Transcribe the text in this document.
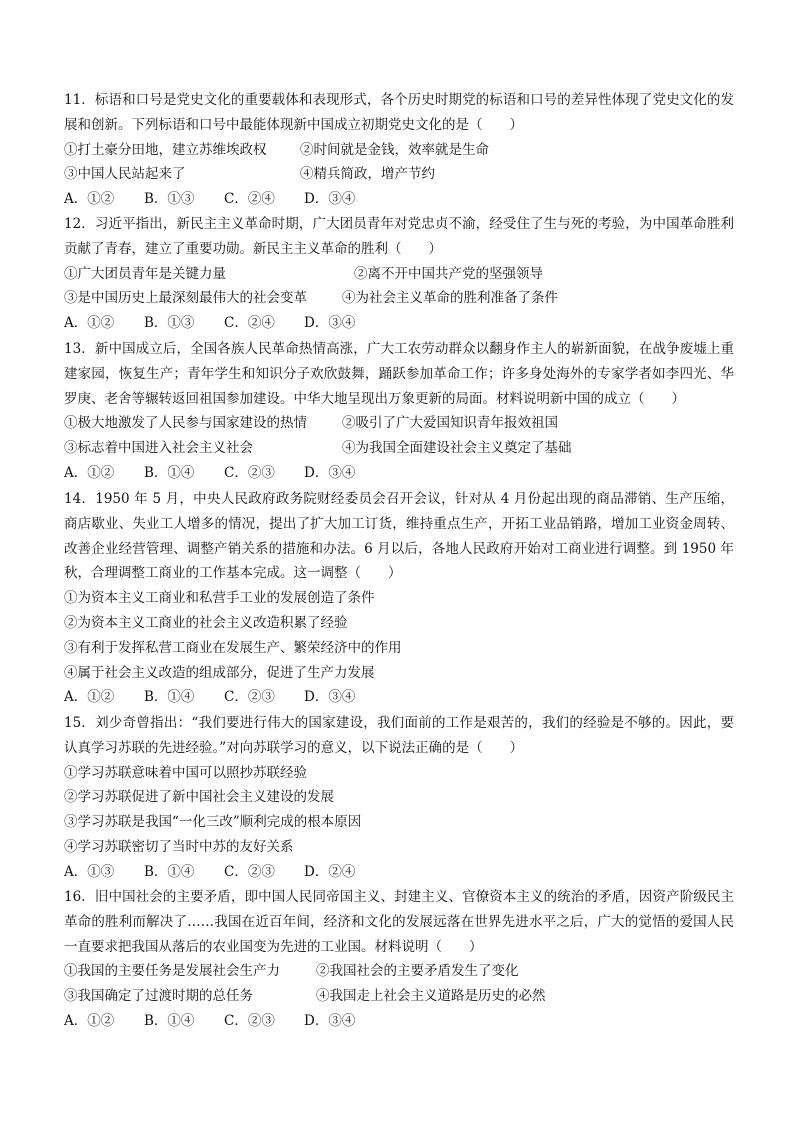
11．标语和口号是党史文化的重要载体和表现形式，各个历史时期党的标语和口号的差异性体现了党史文化的发展和创新。下列标语和口号中最能体现新中国成立初期党史文化的是（　　）
①打土豪分田地，建立苏维埃政权 ②时间就是金钱，效率就是生命
③中国人民站起来了	④精兵简政，增产节约
A．①② B．①③ C．②④ D．③④
12．习近平指出，新民主主义革命时期，广大团员青年对党忠贞不渝，经受住了生与死的考验，为中国革命胜利贡献了青春，建立了重要功勋。新民主主义革命的胜利（　　）
①广大团员青年是关键力量	②离不开中国共产党的坚强领导
③是中国历史上最深刻最伟大的社会变革	④为社会主义革命的胜利准备了条件
A．①② B．①③ C．②④ D．③④
13．新中国成立后，全国各族人民革命热情高涨，广大工农劳动群众以翻身作主人的崭新面貌，在战争废墟上重建家园，恢复生产；青年学生和知识分子欢欣鼓舞，踊跃参加革命工作；许多身处海外的专家学者如李四光、华罗庚、老舍等辗转返回祖国参加建设。中华大地呈现出万象更新的局面。材料说明新中国的成立（　　）
①极大地激发了人民参与国家建设的热情	②吸引了广大爱国知识青年报效祖国
③标志着中国进入社会主义社会	④为我国全面建设社会主义奠定了基础
A．①② B．①④ C．②③ D．③④
14．1950 年 5 月，中央人民政府政务院财经委员会召开会议，针对从 4 月份起出现的商品滞销、生产压缩，商店歇业、失业工人增多的情况，提出了扩大加工订货，维持重点生产，开拓工业品销路，增加工业资金周转、改善企业经营管理、调整产销关系的措施和办法。6 月以后，各地人民政府开始对工商业进行调整。到 1950 年秋，合理调整工商业的工作基本完成。这一调整（　　）
①为资本主义工商业和私营手工业的发展创造了条件
②为资本主义工商业的社会主义改造积累了经验
③有利于发挥私营工商业在发展生产、繁荣经济中的作用
④属于社会主义改造的组成部分，促进了生产力发展
A．①② B．①④ C．②③ D．③④
15．刘少奇曾指出：“我们要进行伟大的国家建设，我们面前的工作是艰苦的，我们的经验是不够的。因此，要认真学习苏联的先进经验。”对向苏联学习的意义，以下说法正确的是（　　）
①学习苏联意味着中国可以照抄苏联经验
②学习苏联促进了新中国社会主义建设的发展
③学习苏联是我国“一化三改”顺利完成的根本原因
④学习苏联密切了当时中苏的友好关系
A．①③ B．①④ C．②③ D．②④
16．旧中国社会的主要矛盾，即中国人民同帝国主义、封建主义、官僚资本主义的统治的矛盾，因资产阶级民主革命的胜利而解决了……我国在近百年间，经济和文化的发展远落在世界先进水平之后，广大的觉悟的爱国人民一直要求把我国从落后的农业国变为先进的工业国。材料说明（　　）
①我国的主要任务是发展社会生产力	②我国社会的主要矛盾发生了变化
③我国确定了过渡时期的总任务	④我国走上社会主义道路是历史的必然
A．①② B．①④ C．②③ D．③④
